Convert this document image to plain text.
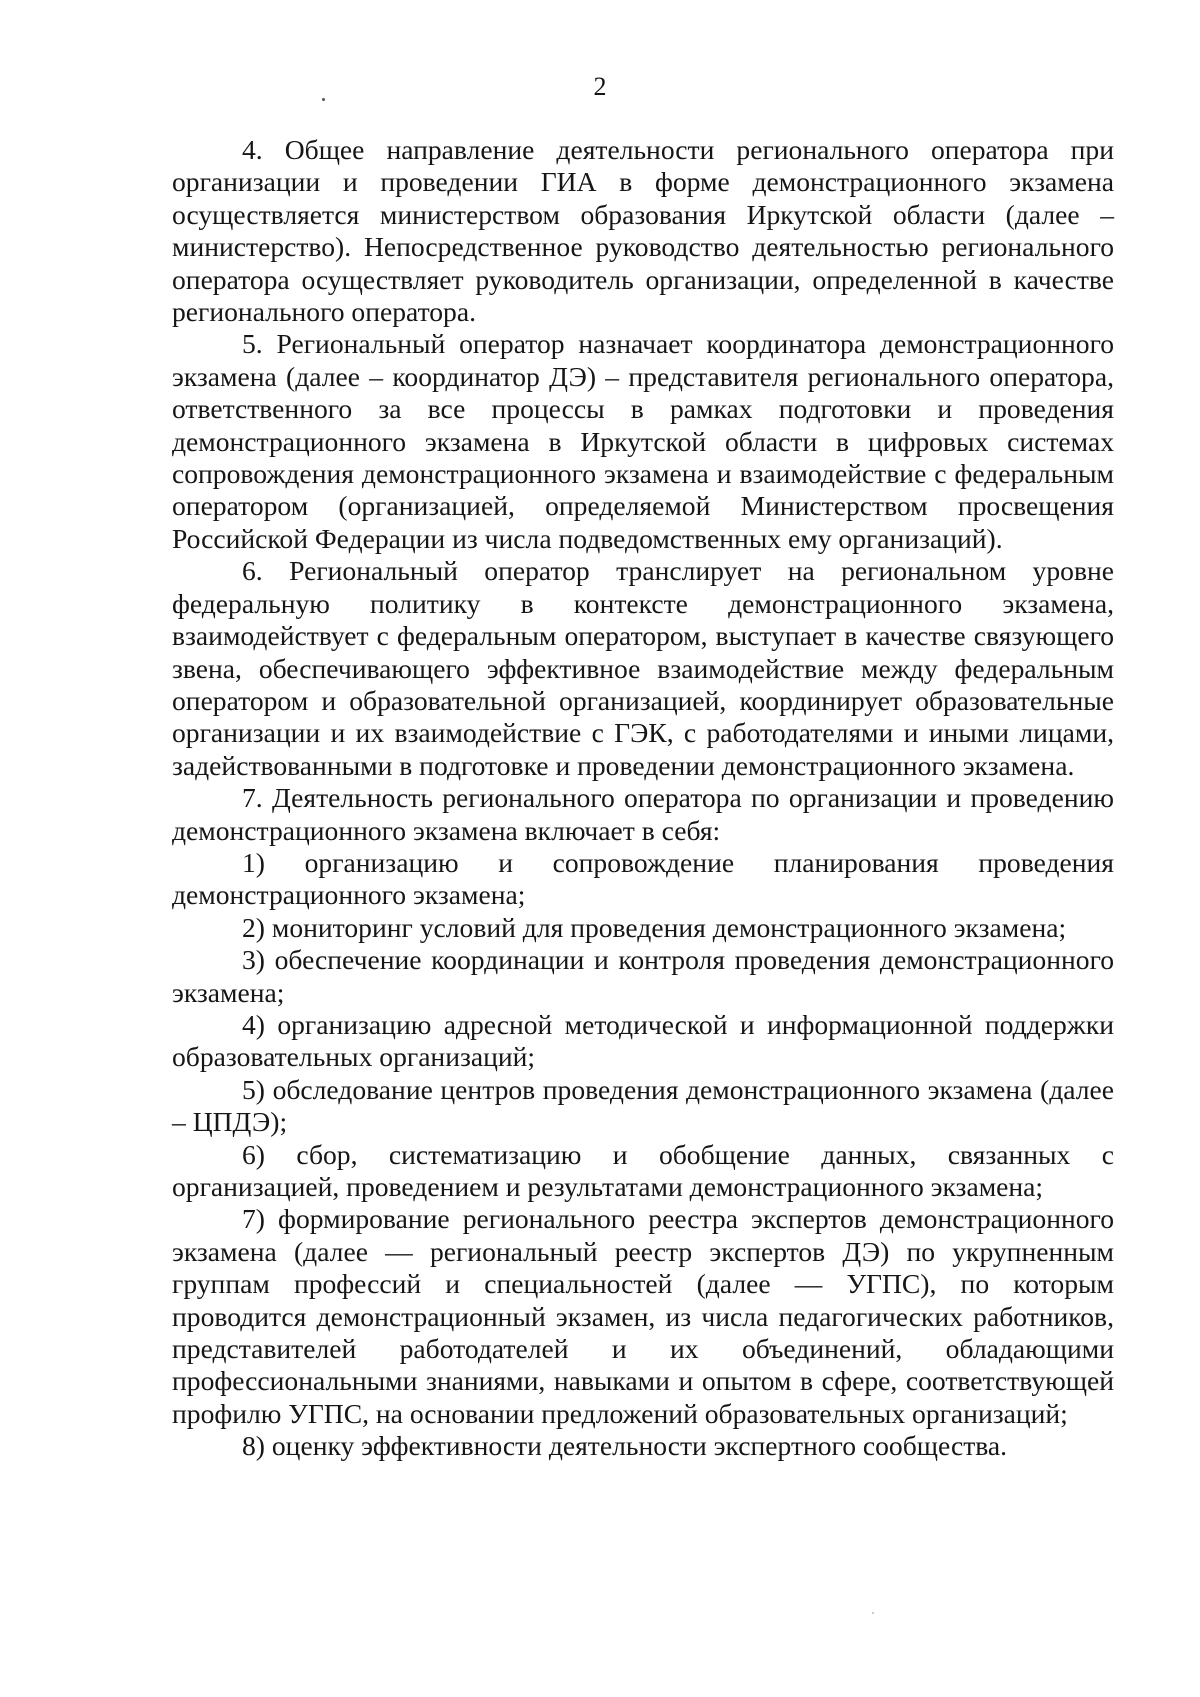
2

4. Общее направление деятельности регионального оператора при организации и проведении ГИА в форме демонстрационного экзамена осуществляется министерством образования Иркутской области (далее – министерство). Непосредственное руководство деятельностью регионального оператора осуществляет руководитель организации, определенной в качестве регионального оператора.

5. Региональный оператор назначает координатора демонстрационного экзамена (далее – координатор ДЭ) – представителя регионального оператора, ответственного за все процессы в рамках подготовки и проведения демонстрационного экзамена в Иркутской области в цифровых системах сопровождения демонстрационного экзамена и взаимодействие с федеральным оператором (организацией, определяемой Министерством просвещения Российской Федерации из числа подведомственных ему организаций).

6. Региональный оператор транслирует на региональном уровне федеральную политику в контексте демонстрационного экзамена, взаимодействует с федеральным оператором, выступает в качестве связующего звена, обеспечивающего эффективное взаимодействие между федеральным оператором и образовательной организацией, координирует образовательные организации и их взаимодействие с ГЭК, с работодателями и иными лицами, задействованными в подготовке и проведении демонстрационного экзамена.

7. Деятельность регионального оператора по организации и проведению демонстрационного экзамена включает в себя:

1) организацию и сопровождение планирования проведения демонстрационного экзамена;

2) мониторинг условий для проведения демонстрационного экзамена;

3) обеспечение координации и контроля проведения демонстрационного экзамена;

4) организацию адресной методической и информационной поддержки образовательных организаций;

5) обследование центров проведения демонстрационного экзамена (далее – ЦПДЭ);

6) сбор, систематизацию и обобщение данных, связанных с организацией, проведением и результатами демонстрационного экзамена;

7) формирование регионального реестра экспертов демонстрационного экзамена (далее — региональный реестр экспертов ДЭ) по укрупненным группам профессий и специальностей (далее — УГПС), по которым проводится демонстрационный экзамен, из числа педагогических работников, представителей работодателей и их объединений, обладающими профессиональными знаниями, навыками и опытом в сфере, соответствующей профилю УГПС, на основании предложений образовательных организаций;

8) оценку эффективности деятельности экспертного сообщества.
